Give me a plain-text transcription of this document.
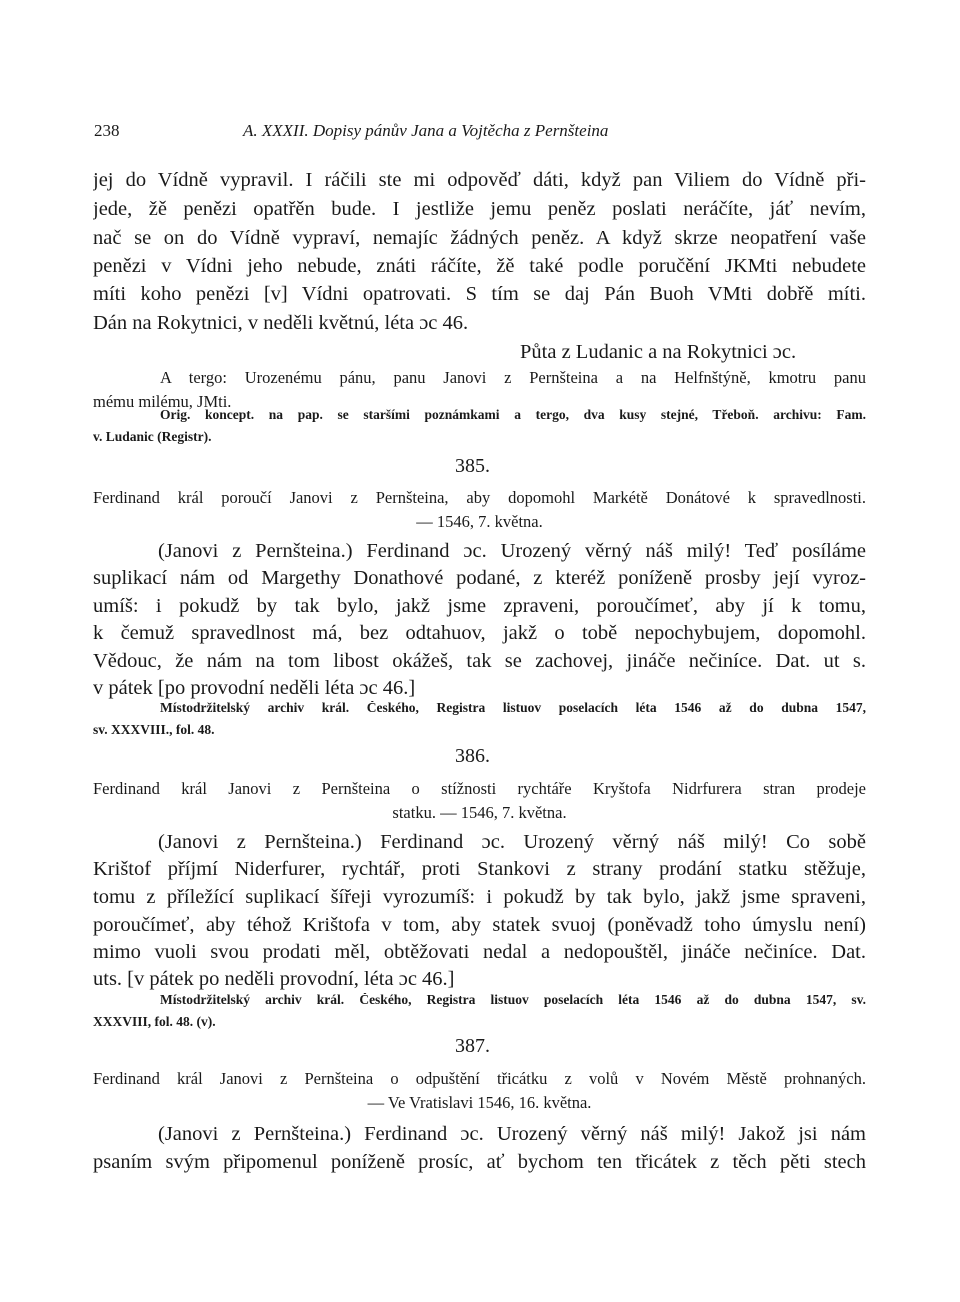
238	A. XXXII. Dopisy pánův Jana a Vojtěcha z Pernšteina
jej do Vídně vypravil. I ráčili ste mi odpověď dáti, když pan Viliem do Vídně při-
jede, žě penězi opatřěn bude. I jestliže jemu peněz poslati neráčíte, jáť nevím,
nač se on do Vídně vypraví, nemajíc žádných peněz. A když skrze neopatření vaše
penězi v Vídni jeho nebude, znáti ráčíte, žě také podle poručění JKMti nebudete
míti koho penězi [v] Vídni opatrovati. S tím se daj Pán Buoh VMti dobřě míti.
Dán na Rokytnici, v neděli květnú, léta ɔc 46.
Půta z Ludanic a na Rokytnici ɔc.
A tergo: Urozenému pánu, panu Janovi z Pernšteina a na Helfnštýně, kmotru panu
mému milému, JMti.
Orig. koncept. na pap. se staršími poznámkami a tergo, dva kusy stejné, Třeboň. archivu: Fam.
v. Ludanic (Registr).
385.
Ferdinand král poroučí Janovi z Pernšteina, aby dopomohl Markétě Donátové k spravedlnosti.
— 1546, 7. května.
(Janovi z Pernšteina.) Ferdinand ɔc. Urozený věrný náš milý! Teď posíláme
suplikací nám od Margethy Donathové podané, z kteréž poníženě prosby její vyroz-
umíš: i pokudž by tak bylo, jakž jsme zpraveni, poroučímeť, aby jí k tomu,
k čemuž spravedlnost má, bez odtahuov, jakž o tobě nepochybujem, dopomohl.
Vědouc, že nám na tom libost okážeš, tak se zachovej, jináče nečiníce. Dat. ut s.
v pátek [po provodní neděli léta ɔc 46.]
Místodržitelský archiv král. Českého, Registra listuov poselacích léta 1546 až do dubna 1547,
sv. XXXVIII., fol. 48.
386.
Ferdinand král Janovi z Pernšteina o stížnosti rychtáře Kryštofa Nidrfurera stran prodeje
statku. — 1546, 7. května.
(Janovi z Pernšteina.) Ferdinand ɔc. Urozený věrný náš milý! Co sobě
Krištof příjmí Niderfurer, rychtář, proti Stankovi z strany prodání statku stěžuje,
tomu z příležící suplikací šířeji vyrozumíš: i pokudž by tak bylo, jakž jsme spraveni,
poroučímeť, aby téhož Krištofa v tom, aby statek svuoj (poněvadž toho úmyslu není)
mimo vuoli svou prodati měl, obtěžovati nedal a nedopouštěl, jináče nečiníce. Dat.
uts. [v pátek po neděli provodní, léta ɔc 46.]
Místodržitelský archiv král. Českého, Registra listuov poselacích léta 1546 až do dubna 1547, sv.
XXXVIII, fol. 48. (v).
387.
Ferdinand král Janovi z Pernšteina o odpuštění třicátku z volů v Novém Městě prohnaných.
— Ve Vratislavi 1546, 16. května.
(Janovi z Pernšteina.) Ferdinand ɔc. Urozený věrný náš milý! Jakož jsi nám
psaním svým připomenul poníženě prosíc, ať bychom ten třicátek z těch pěti stech
